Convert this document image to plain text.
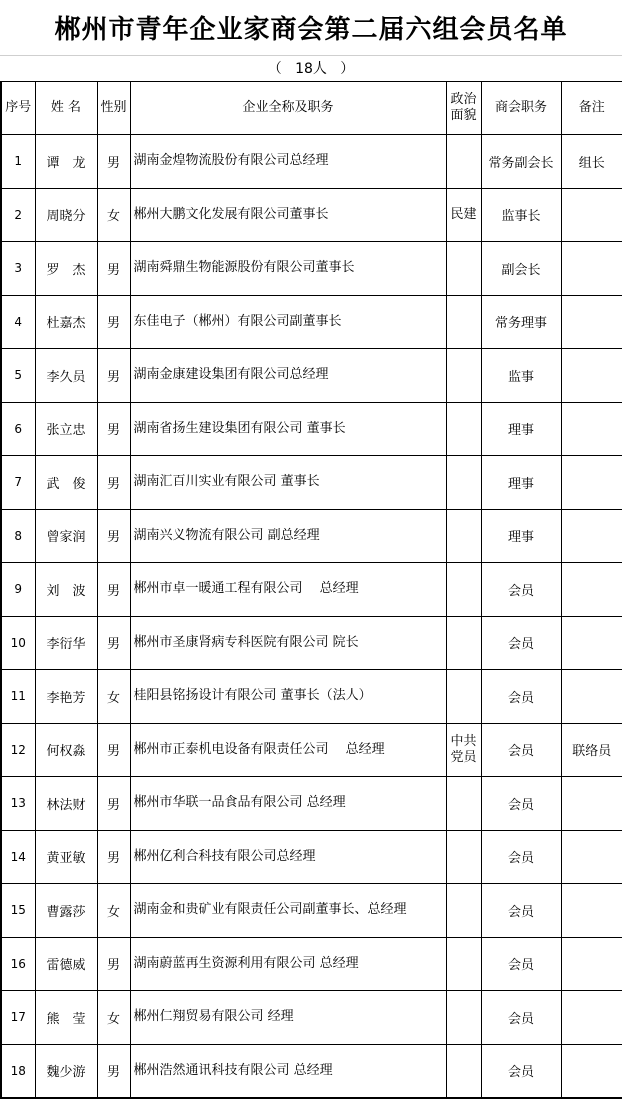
郴州市青年企业家商会第二届六组会员名单
（   18人   ）
序号	姓 名	性别	企业全称及职务	政治面貌	商会职务	备注
1	谭　龙	男	湖南金煌物流股份有限公司总经理		常务副会长	组长
2	周晓分	女	郴州大鹏文化发展有限公司董事长	民建	监事长	
3	罗　杰	男	湖南舜鼎生物能源股份有限公司董事长		副会长	
4	杜嘉杰	男	东佳电子（郴州）有限公司副董事长		常务理事	
5	李久员	男	湖南金康建设集团有限公司总经理		监事	
6	张立忠	男	湖南省扬生建设集团有限公司 董事长		理事	
7	武　俊	男	湖南汇百川实业有限公司 董事长		理事	
8	曾家润	男	湖南兴义物流有限公司 副总经理		理事	
9	刘　波	男	郴州市卓一暖通工程有限公司　 总经理		会员	
10	李衍华	男	郴州市圣康肾病专科医院有限公司 院长		会员	
11	李艳芳	女	桂阳县铭扬设计有限公司 董事长（法人）		会员	
12	何权淼	男	郴州市正泰机电设备有限责任公司　 总经理	中共党员	会员	联络员
13	林法财	男	郴州市华联一品食品有限公司 总经理		会员	
14	黄亚敏	男	郴州亿利合科技有限公司总经理		会员	
15	曹露莎	女	湖南金和贵矿业有限责任公司副董事长、总经理		会员	
16	雷德威	男	湖南蔚蓝再生资源利用有限公司 总经理		会员	
17	熊　莹	女	郴州仁翔贸易有限公司 经理		会员	
18	魏少游	男	郴州浩然通讯科技有限公司 总经理		会员	
